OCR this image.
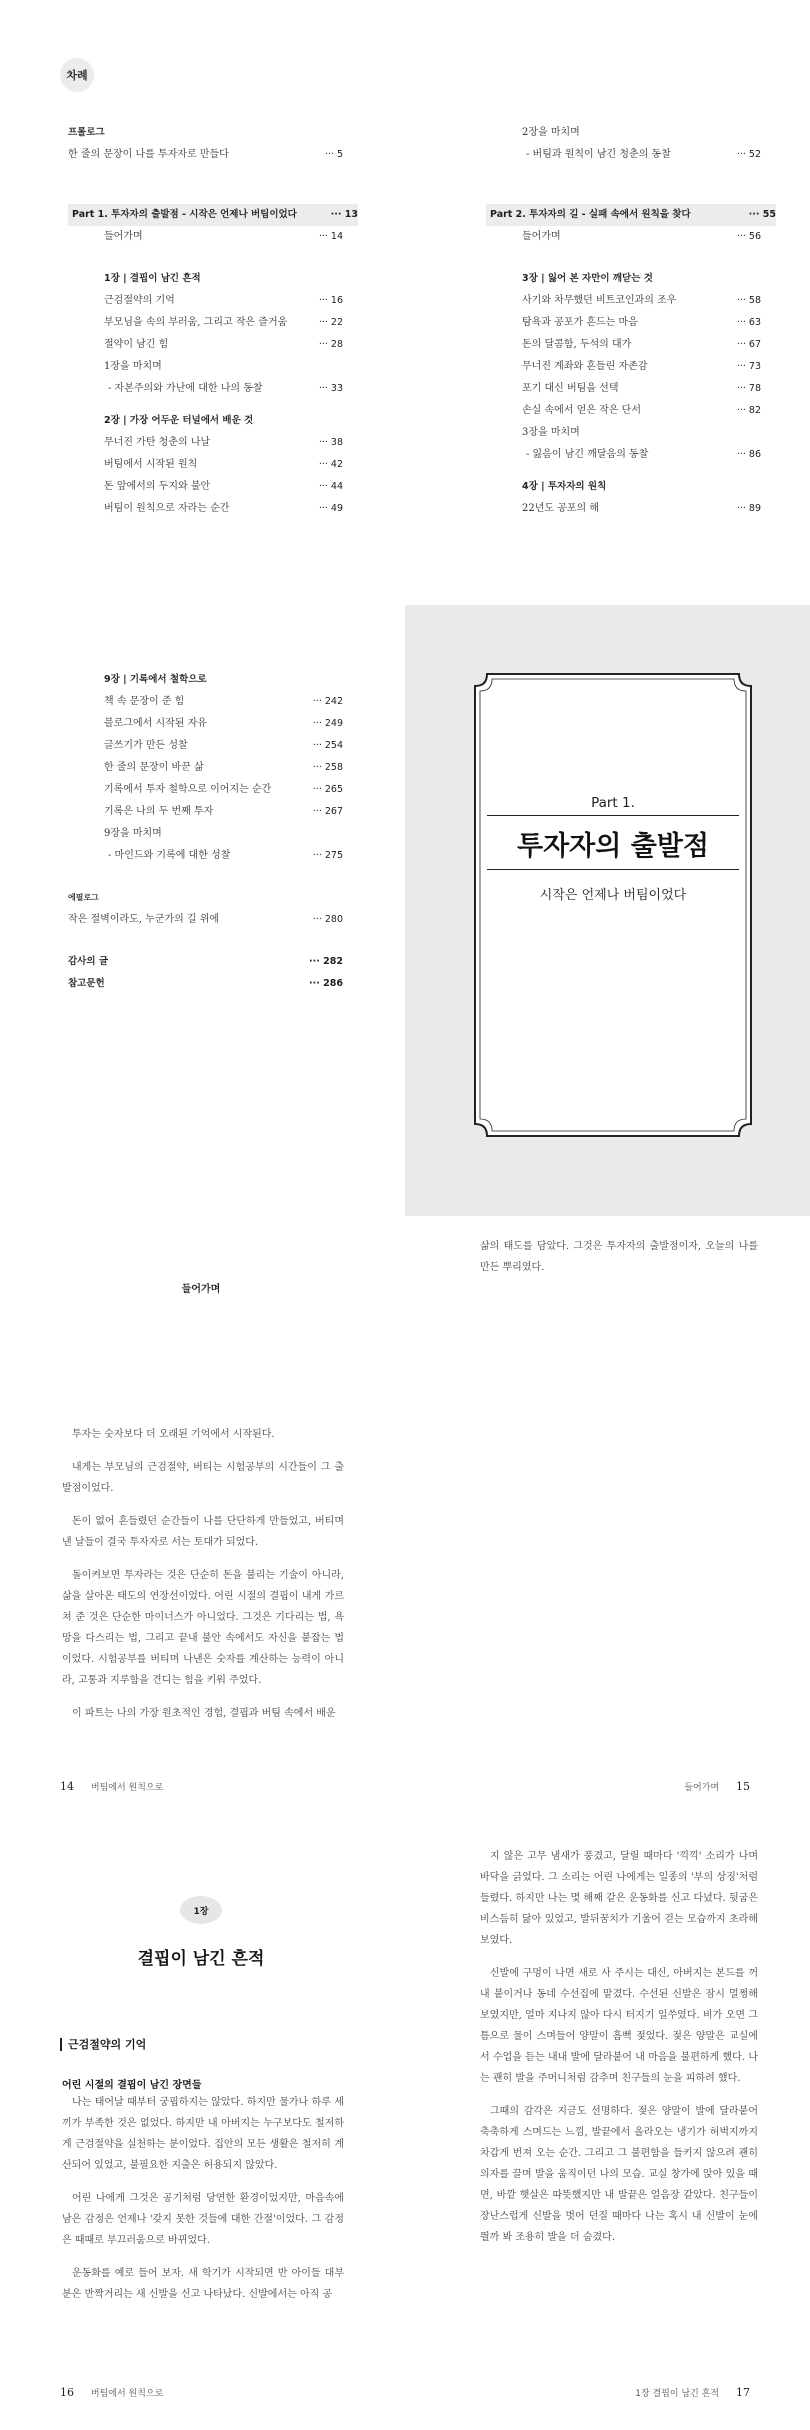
차례
프롤로그
한 줄의 문장이 나를 투자자로 만들다	··· 5
Part 1. 투자자의 출발점 - 시작은 언제나 버팀이었다	··· 13
들어가며	··· 14
1장 | 결핍이 남긴 흔적
근검절약의 기억	··· 16
부모님을 속의 부러움, 그리고 작은 즐거움	··· 22
절약이 남긴 힘	··· 28
1장을 마치며
- 자본주의와 가난에 대한 나의 동찰	··· 33
2장 | 가장 어두운 터널에서 배운 것
무너진 가탄 청춘의 나날	··· 38
버팀에서 시작된 원칙	··· 42
돈 앞에서의 두지와 불안	··· 44
버팀이 원칙으로 자라는 순간	··· 49
2장을 마치며
- 버팀과 원칙이 남긴 청춘의 동찰	··· 52
Part 2. 투자자의 길 - 실패 속에서 원칙을 찾다	··· 55
들어가며	··· 56
3장 | 잃어 본 자만이 깨닫는 것
사기와 차무했던 비트코인과의 조우	··· 58
탐욕과 공포가 흔드는 마음	··· 63
돈의 달콤함, 두석의 대가	··· 67
무너진 계좌와 흔들린 자존감	··· 73
포기 대신 버팀을 선택	··· 78
손실 속에서 얻은 작은 단서	··· 82
3장을 마치며
- 잃음이 남긴 깨달음의 동찰	··· 86
4장 | 투자자의 원칙
22년도 공포의 해	··· 89
9장 | 기록에서 철학으로
책 속 문장이 준 힘	··· 242
블로그에서 시작된 자유	··· 249
글쓰기가 만든 성찰	··· 254
한 줄의 문장이 바꾼 삶	··· 258
기록에서 투자 철학으로 이어지는 순간	··· 265
기록은 나의 두 번째 투자	··· 267
9장을 마치며
- 마인드와 기록에 대한 성찰	··· 275
에필로그
작은 절벽이라도, 누군가의 길 위에	··· 280
감사의 글	··· 282
참고문헌	··· 286
Part 1.
투자자의 출발점
시작은 언제나 버팀이었다
들어가며

투자는 숫자보다 더 오래된 기억에서 시작된다.

내게는 부모님의 근검절약, 버티는 시험공부의 시간들이 그 출발점이었다.

돈이 없어 흔들렸던 순간들이 나를 단단하게 만들었고, 버티며 낸 날들이 결국 투자자로 서는 토대가 되었다.

돌이켜보면 투자라는 것은 단순히 돈을 불리는 기술이 아니라, 삶을 살아온 태도의 연장선이었다. 어린 시절의 결핍이 내게 가르쳐 준 것은 단순한 마이너스가 아니었다. 그것은 기다리는 법, 욕망을 다스리는 법, 그리고 끝내 불안 속에서도 자신을 붙잡는 법이었다. 시험공부를 버티며 나낸은 숫자를 계산하는 능력이 아니라, 고통과 지루함을 견디는 힘을 키워 주었다.

이 파트는 나의 가장 원초적인 경험, 결핍과 버팀 속에서 배운

삶의 태도를 담았다. 그것은 투자자의 출발점이자, 오늘의 나를 만든 뿌리였다.

14 버팀에서 원칙으로	들어가며 15
1장
결핍이 남긴 흔적
근검절약의 기억
어린 시절의 결핍이 남긴 장면들

나는 태어날 때부터 궁핍하지는 않았다. 하지만 물가나 하루 세끼가 부족한 것은 없었다. 하지만 내 아버지는 누구보다도 철저하게 근검절약을 실천하는 분이었다. 집안의 모든 생활은 철저히 계산되어 있었고, 불필요한 지출은 허용되지 않았다.

어린 나에게 그것은 공기처럼 당연한 환경이었지만, 마음속에 남은 감정은 언제나 '갖지 못한 것들에 대한 간절'이었다. 그 감정은 때때로 부끄러움으로 바뀌었다.

운동화를 예로 들어 보자. 새 학기가 시작되면 반 아이들 대부분은 반짝거리는 새 신발을 신고 나타났다. 신발에서는 아직 공

지 않은 고무 냄새가 풍겼고, 달릴 때마다 '끽끽' 소리가 나며 바닥을 긁었다. 그 소리는 어린 나에게는 일종의 '부의 상징'처럼 들렸다. 하지만 나는 몇 해째 같은 운동화를 신고 다녔다. 뒷굽은 비스듬히 닳아 있었고, 발뒤꿈치가 기울어 걷는 모습까지 초라해 보였다.

신발에 구멍이 나면 새로 사 주시는 대신, 아버지는 본드를 꺼내 붙이거나 동네 수선집에 맡겼다. 수선된 신발은 잠시 멀쩡해 보였지만, 얼마 지나지 않아 다시 터지기 일쑤였다. 비가 오면 그 틈으로 물이 스며들어 양말이 흠뻑 젖었다. 젖은 양말은 교실에서 수업을 듣는 내내 발에 달라붙어 내 마음을 불편하게 했다. 나는 괜히 발을 주머니처럼 감추며 친구들의 눈을 피하려 했다.

그때의 감각은 지금도 선명하다. 젖은 양말이 발에 달라붙어 축축하게 스며드는 느낌, 발끝에서 올라오는 냉기가 허벅지까지 차갑게 번져 오는 순간. 그리고 그 불편함을 들키지 않으려 괜히 의자를 끌며 발을 움직이던 나의 모습. 교실 창가에 앉아 있을 때면, 바깥 햇살은 따뜻했지만 내 발끝은 얼음장 같았다. 친구들이 장난스럽게 신발을 벗어 던질 때마다 나는 혹시 내 신발이 눈에 띌까 봐 조용히 발을 더 숨겼다.

16 버팀에서 원칙으로	1장 결핍이 남긴 흔적 17
